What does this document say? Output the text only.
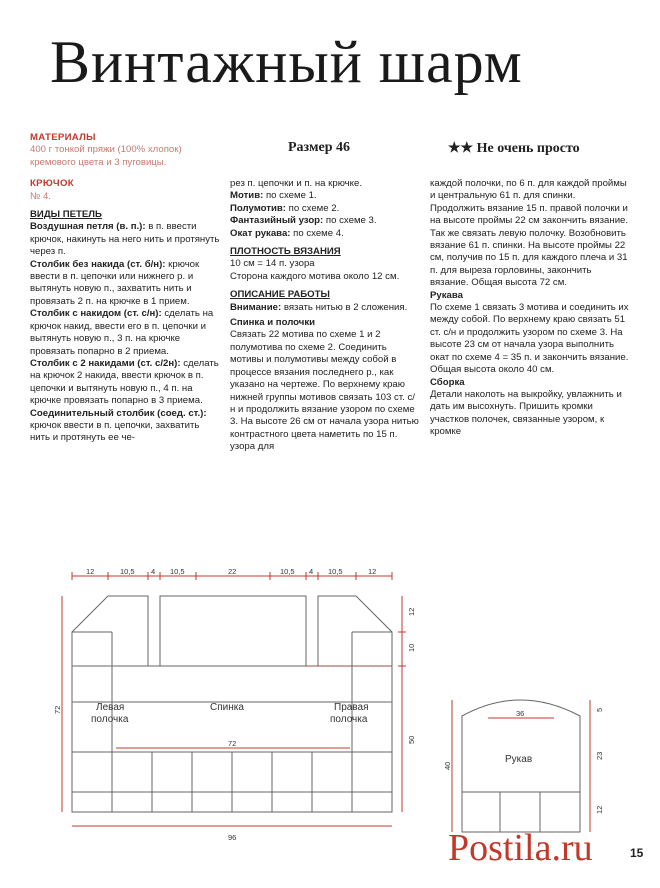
Винтажный шарм
Размер 46	★★ Не очень просто

МАТЕРИАЛЫ

400 г тонкой пряжи (100% хлопок) кремового цвета и 3 пуговицы.

КРЮЧОК

№ 4.

ВИДЫ ПЕТЕЛЬ

Воздушная петля (в. п.): в п. ввести крючок, накинуть на него нить и протянуть через п.

Столбик без накида (ст. б/н): крючок ввести в п. цепочки или нижнего р. и вытянуть новую п., захватить нить и провязать 2 п. на крючке в 1 прием.

Столбик с накидом (ст. с/н): сделать на крючок накид, ввести его в п. цепочки и вытянуть новую п., 3 п. на крючке провязать попарно в 2 приема.

Столбик с 2 накидами (ст. с/2н): сделать на крючок 2 накида, ввести крючок в п. цепочки и вытянуть новую п., 4 п. на крючке провязать попарно в 3 приема.

Соединительный столбик (соед. ст.): крючок ввести в п. цепочки, захватить нить и протянуть ее че-

рез п. цепочки и п. на крючке.

Мотив: по схеме 1.

Полумотив: по схеме 2.

Фантазийный узор: по схеме 3.

Окат рукава: по схеме 4.

ПЛОТНОСТЬ ВЯЗАНИЯ

10 см = 14 п. узора

Сторона каждого мотива около 12 см.

ОПИСАНИЕ РАБОТЫ

Внимание: вязать нитью в 2 сложения.

Спинка и полочки

Связать 22 мотива по схеме 1 и 2 полумотива по схеме 2. Соединить мотивы и полумотивы между собой в процессе вязания последнего р., как указано на чертеже. По верхнему краю нижней группы мотивов связать 103 ст. с/н и продолжить вязание узором по схеме 3. На высоте 26 см от начала узора нитью контрастного цвета наметить по 15 п. узора для

каждой полочки, по 6 п. для каждой проймы и центральную 61 п. для спинки. Продолжить вязание 15 п. правой полочки и на высоте проймы 22 см закончить вязание. Так же связать левую полочку. Возобновить вязание 61 п. спинки. На высоте проймы 22 см, получив по 15 п. для каждого плеча и 31 п. для выреза горловины, закончить вязание. Общая высота 72 см.

Рукава

По схеме 1 связать 3 мотива и соединить их между собой. По верхнему краю связать 51 ст. с/н и продолжить узором по схеме 3. На высоте 23 см от начала узора выполнить окат по схеме 4 = 35 п. и закончить вязание. Общая высота около 40 см.

Сборка

Детали наколоть на выкройку, увлажнить и дать им высохнуть. Пришить кромки участков полочек, связанные узором, к кромке

12	10,5 4 10,5	22	10,5 4 10,5	12
12
10
50
72
72
96
Левая
полочка
Спинка	Правая
полочка
36	5
23
12
40
Рукав
Postila.ru	15
